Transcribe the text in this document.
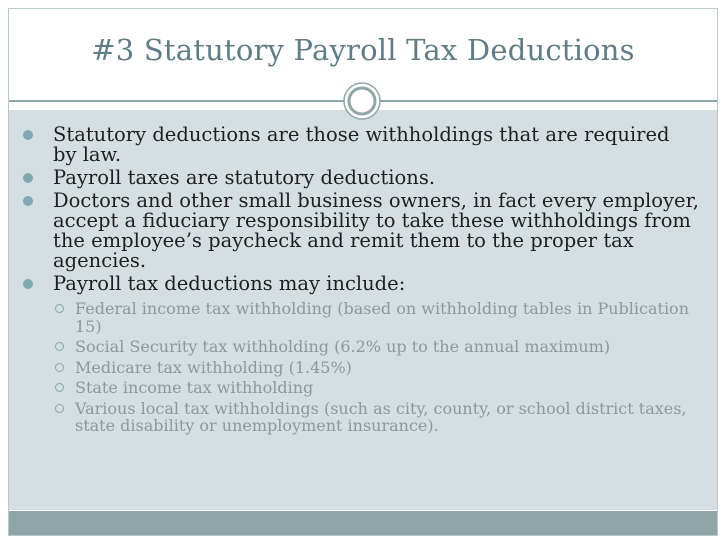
#3 Statutory Payroll Tax Deductions
Statutory deductions are those withholdings that are required by law.
Payroll taxes are statutory deductions.
Doctors and other small business owners, in fact every employer, accept a fiduciary responsibility to take these withholdings from the employee’s paycheck and remit them to the proper tax agencies.
Payroll tax deductions may include:
Federal income tax withholding (based on withholding tables in Publication 15)
Social Security tax withholding (6.2% up to the annual maximum)
Medicare tax withholding (1.45%)
State income tax withholding
Various local tax withholdings (such as city, county, or school district taxes, state disability or unemployment insurance).
